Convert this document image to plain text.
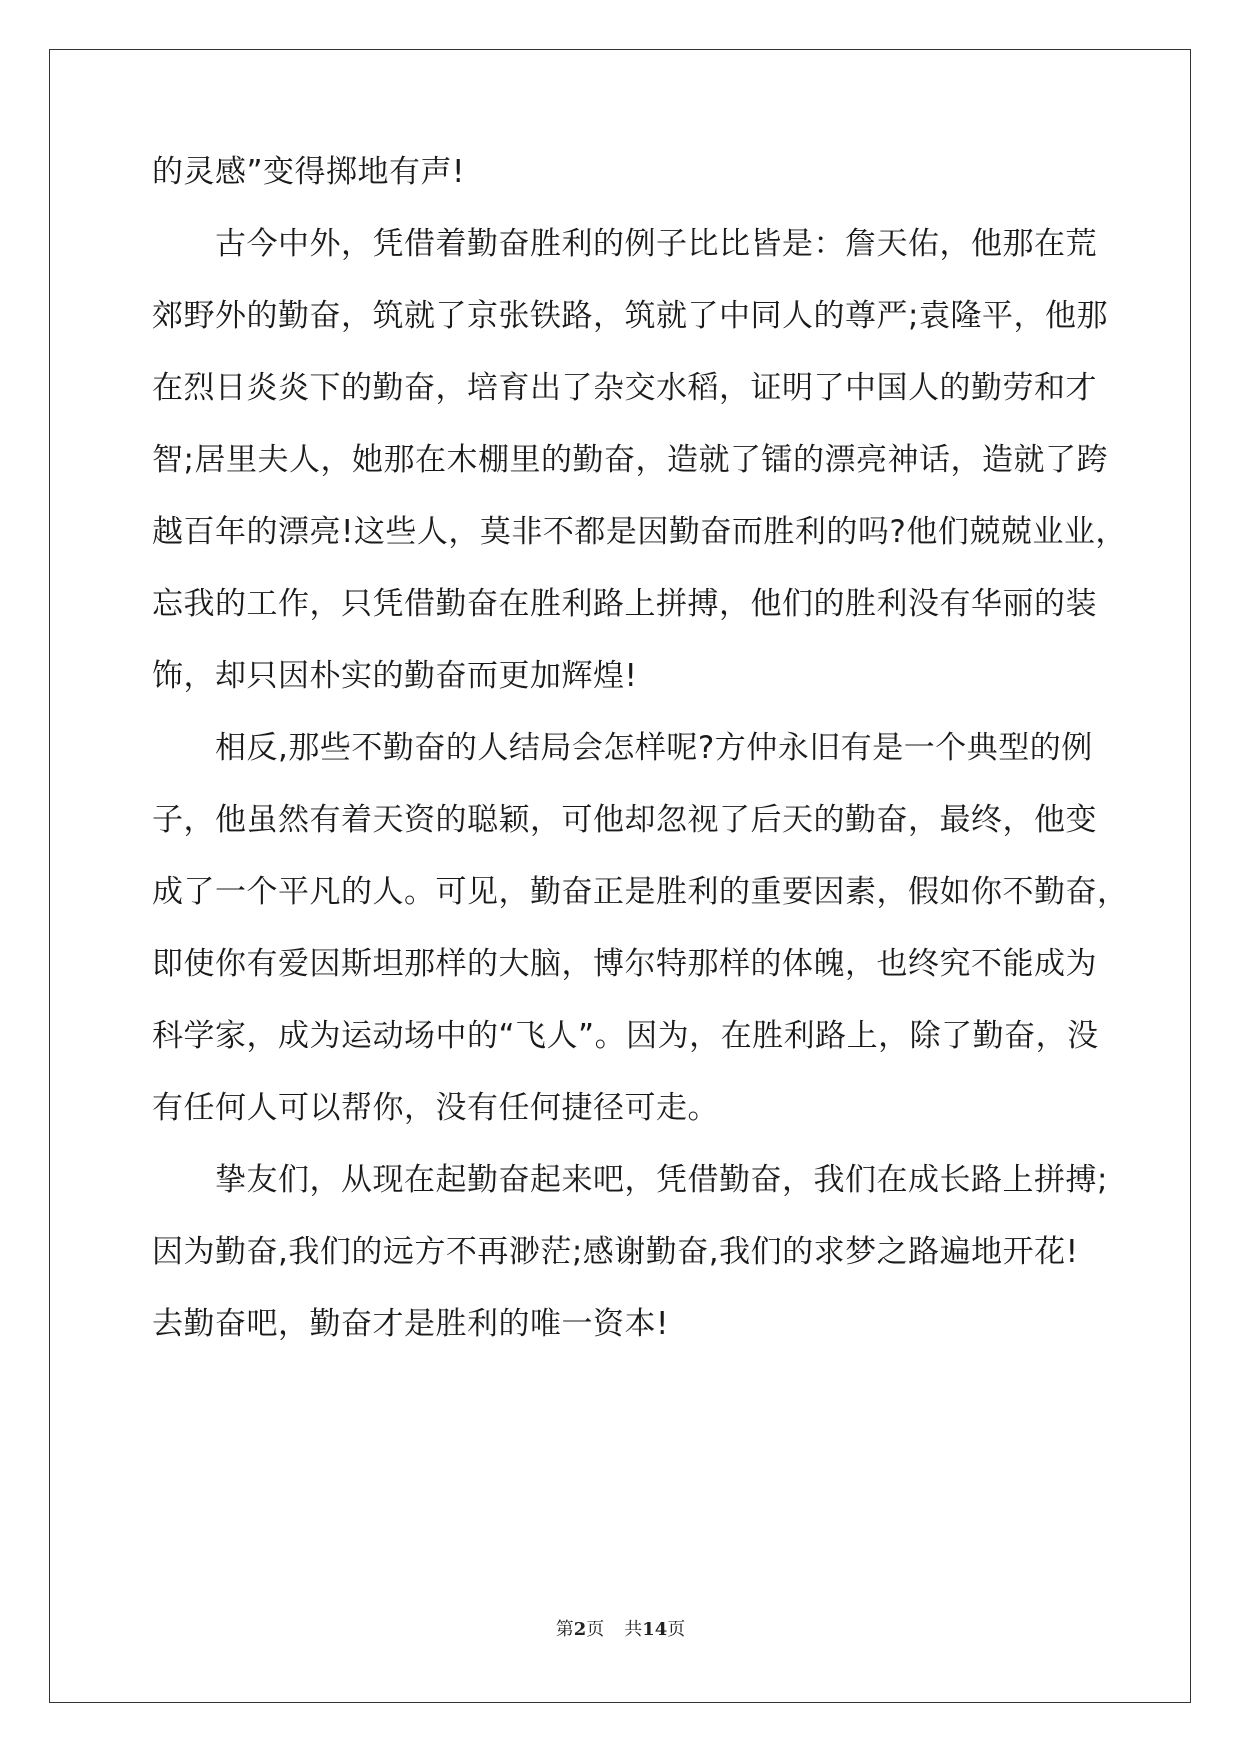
的灵感”变得掷地有声!
　　古今中外，凭借着勤奋胜利的例子比比皆是：詹天佑，他那在荒
郊野外的勤奋，筑就了京张铁路，筑就了中同人的尊严;袁隆平，他那
在烈日炎炎下的勤奋，培育出了杂交水稻，证明了中国人的勤劳和才
智;居里夫人，她那在木棚里的勤奋，造就了镭的漂亮神话，造就了跨
越百年的漂亮!这些人，莫非不都是因勤奋而胜利的吗?他们兢兢业业，
忘我的工作，只凭借勤奋在胜利路上拼搏，他们的胜利没有华丽的装
饰，却只因朴实的勤奋而更加辉煌!
　　相反,那些不勤奋的人结局会怎样呢?方仲永旧有是一个典型的例
子，他虽然有着天资的聪颖，可他却忽视了后天的勤奋，最终，他变
成了一个平凡的人。可见，勤奋正是胜利的重要因素，假如你不勤奋，
即使你有爱因斯坦那样的大脑，博尔特那样的体魄，也终究不能成为
科学家，成为运动场中的“飞人”。因为，在胜利路上，除了勤奋，没
有任何人可以帮你，没有任何捷径可走。
　　挚友们，从现在起勤奋起来吧，凭借勤奋，我们在成长路上拼搏;
因为勤奋,我们的远方不再渺茫;感谢勤奋,我们的求梦之路遍地开花!
去勤奋吧，勤奋才是胜利的唯一资本!
第2页 共14页
